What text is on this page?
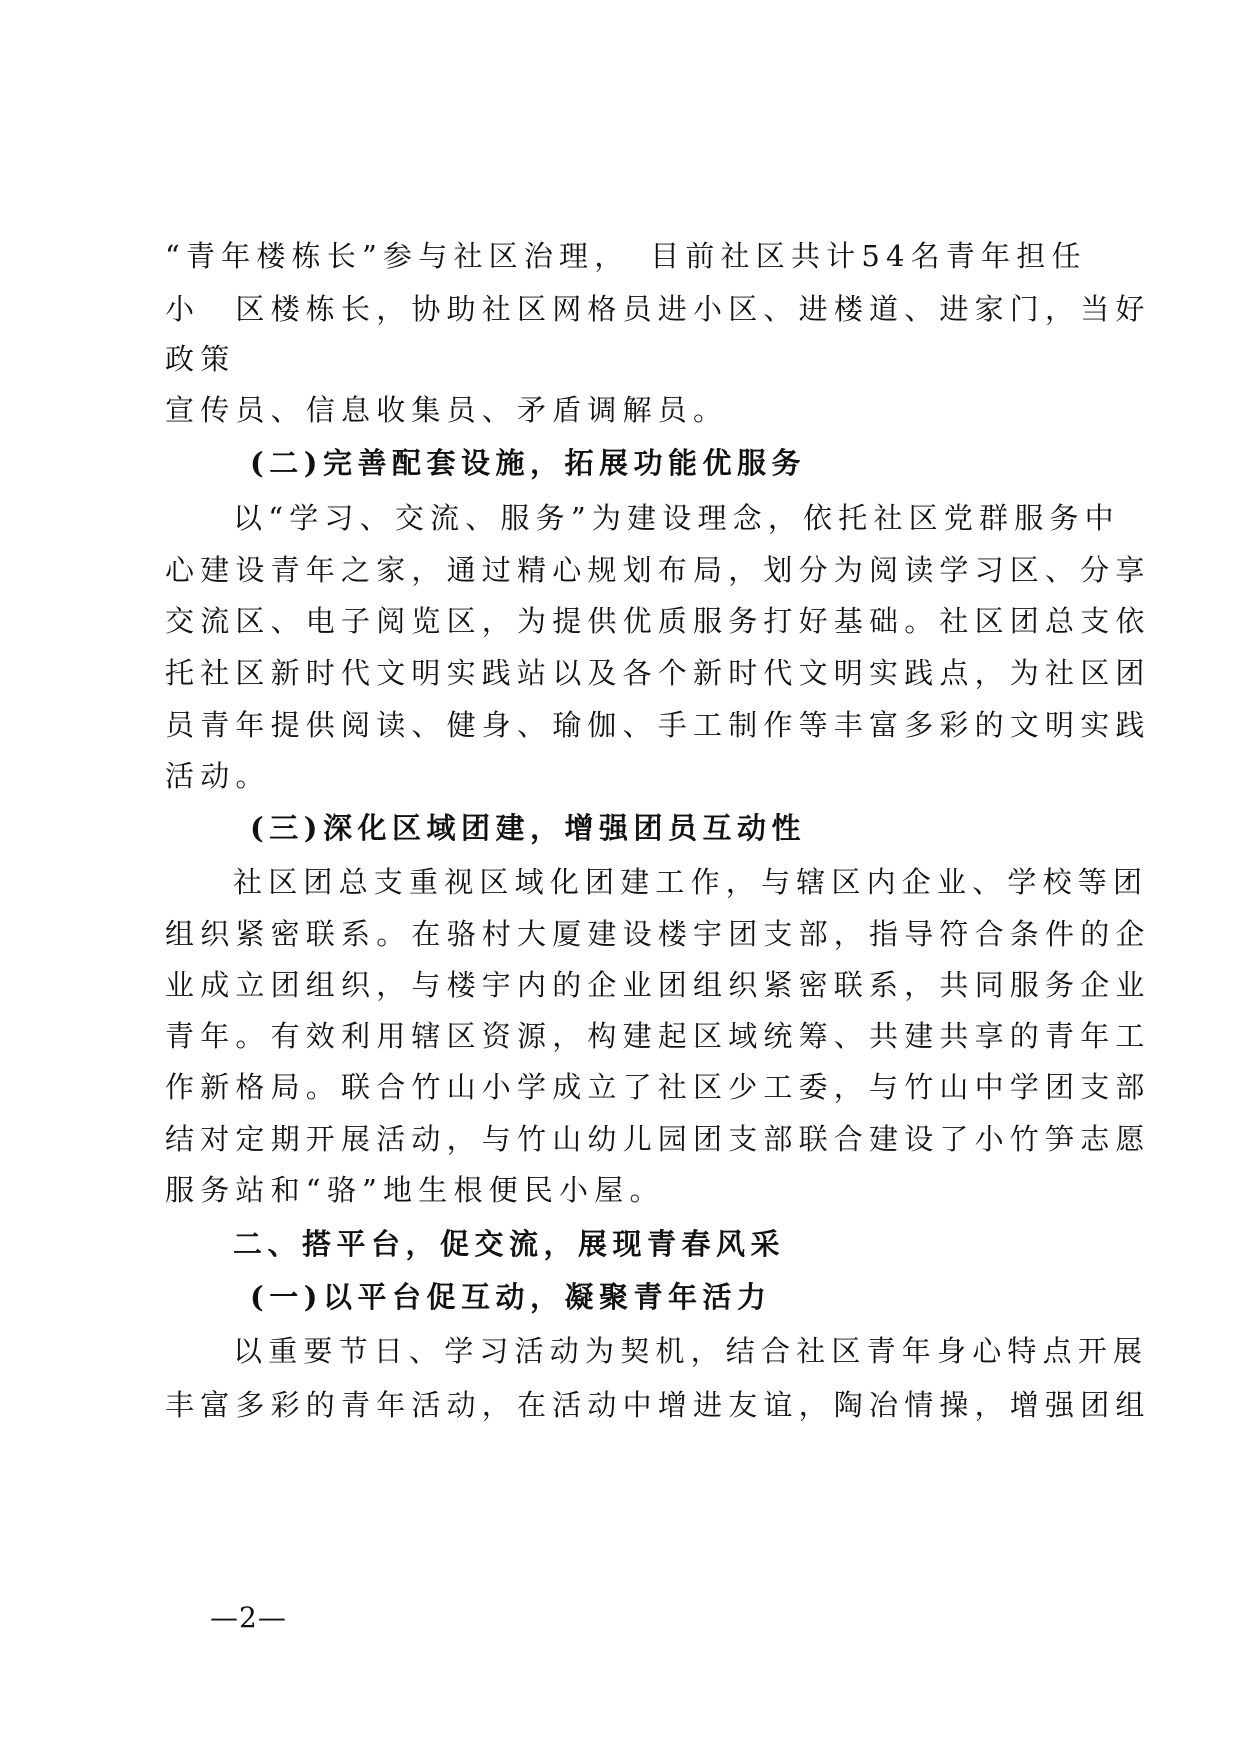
“青年楼栋长”参与社区治理，　目前社区共计54名青年担任
小　区楼栋长，协助社区网格员进小区、进楼道、进家门，当好
政策
宣传员、信息收集员、矛盾调解员。
(二)完善配套设施，拓展功能优服务
以“学习、交流、服务”为建设理念，依托社区党群服务中
心建设青年之家，通过精心规划布局，划分为阅读学习区、分享
交流区、电子阅览区，为提供优质服务打好基础。社区团总支依
托社区新时代文明实践站以及各个新时代文明实践点，为社区团
员青年提供阅读、健身、瑜伽、手工制作等丰富多彩的文明实践
活动。
(三)深化区域团建，增强团员互动性
社区团总支重视区域化团建工作，与辖区内企业、学校等团
组织紧密联系。在骆村大厦建设楼宇团支部，指导符合条件的企
业成立团组织，与楼宇内的企业团组织紧密联系，共同服务企业
青年。有效利用辖区资源，构建起区域统筹、共建共享的青年工
作新格局。联合竹山小学成立了社区少工委，与竹山中学团支部
结对定期开展活动，与竹山幼儿园团支部联合建设了小竹笋志愿
服务站和“骆”地生根便民小屋。
二、搭平台，促交流，展现青春风采
(一)以平台促互动，凝聚青年活力
以重要节日、学习活动为契机，结合社区青年身心特点开展
丰富多彩的青年活动，在活动中增进友谊，陶冶情操，增强团组
—2—
